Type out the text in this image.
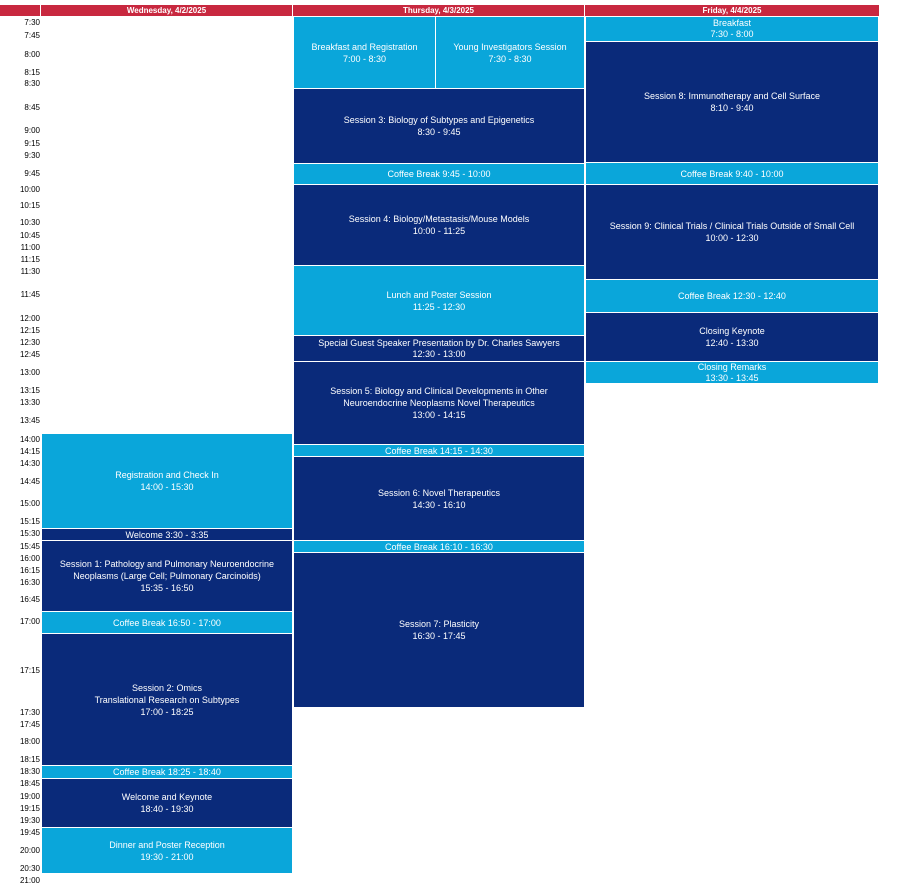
Wednesday, 4/2/2025	Thursday, 4/3/2025	Friday, 4/4/2025
7:30
7:45
8:00
8:15
8:30
8:45
9:00
9:15
9:30
9:45
10:00
10:15
10:30
10:45
11:00
11:15
11:30
11:45
12:00
12:15
12:30
12:45
13:00
13:15
13:30
13:45
14:00
14:15
14:30
14:45
15:00
15:15
15:30
15:45
16:00
16:15
16:30
16:45
17:00
17:15
17:30
17:45
18:00
18:15
18:30
18:45
19:00
19:15
19:30
19:45
20:00
20:30
21:00
Registration and Check In
14:00 - 15:30
Welcome 3:30 - 3:35
Session 1: Pathology and Pulmonary Neuroendocrine Neoplasms (Large Cell; Pulmonary Carcinoids)
15:35 - 16:50
Coffee Break 16:50 - 17:00
Session 2: Omics
Translational Research on Subtypes
17:00 - 18:25
Coffee Break 18:25 - 18:40
Welcome and Keynote
18:40 - 19:30
Dinner and Poster Reception
19:30 - 21:00
Breakfast and Registration
7:00 - 8:30
Young Investigators Session
7:30 - 8:30
Session 3: Biology of Subtypes and Epigenetics
8:30 - 9:45
Coffee Break 9:45 - 10:00
Session 4: Biology/Metastasis/Mouse Models
10:00 - 11:25
Lunch and Poster Session
11:25 - 12:30
Special Guest Speaker Presentation by Dr. Charles Sawyers
12:30 - 13:00
Session 5: Biology and Clinical Developments in Other Neuroendocrine Neoplasms Novel Therapeutics
13:00 - 14:15
Coffee Break 14:15 - 14:30
Session 6: Novel Therapeutics
14:30 - 16:10
Coffee Break 16:10 - 16:30
Session 7: Plasticity
16:30 - 17:45
Breakfast
7:30 - 8:00
Session 8: Immunotherapy and Cell Surface
8:10 - 9:40
Coffee Break 9:40 - 10:00
Session 9: Clinical Trials / Clinical Trials Outside of Small Cell
10:00 - 12:30
Coffee Break 12:30 - 12:40
Closing Keynote
12:40 - 13:30
Closing Remarks
13:30 - 13:45
